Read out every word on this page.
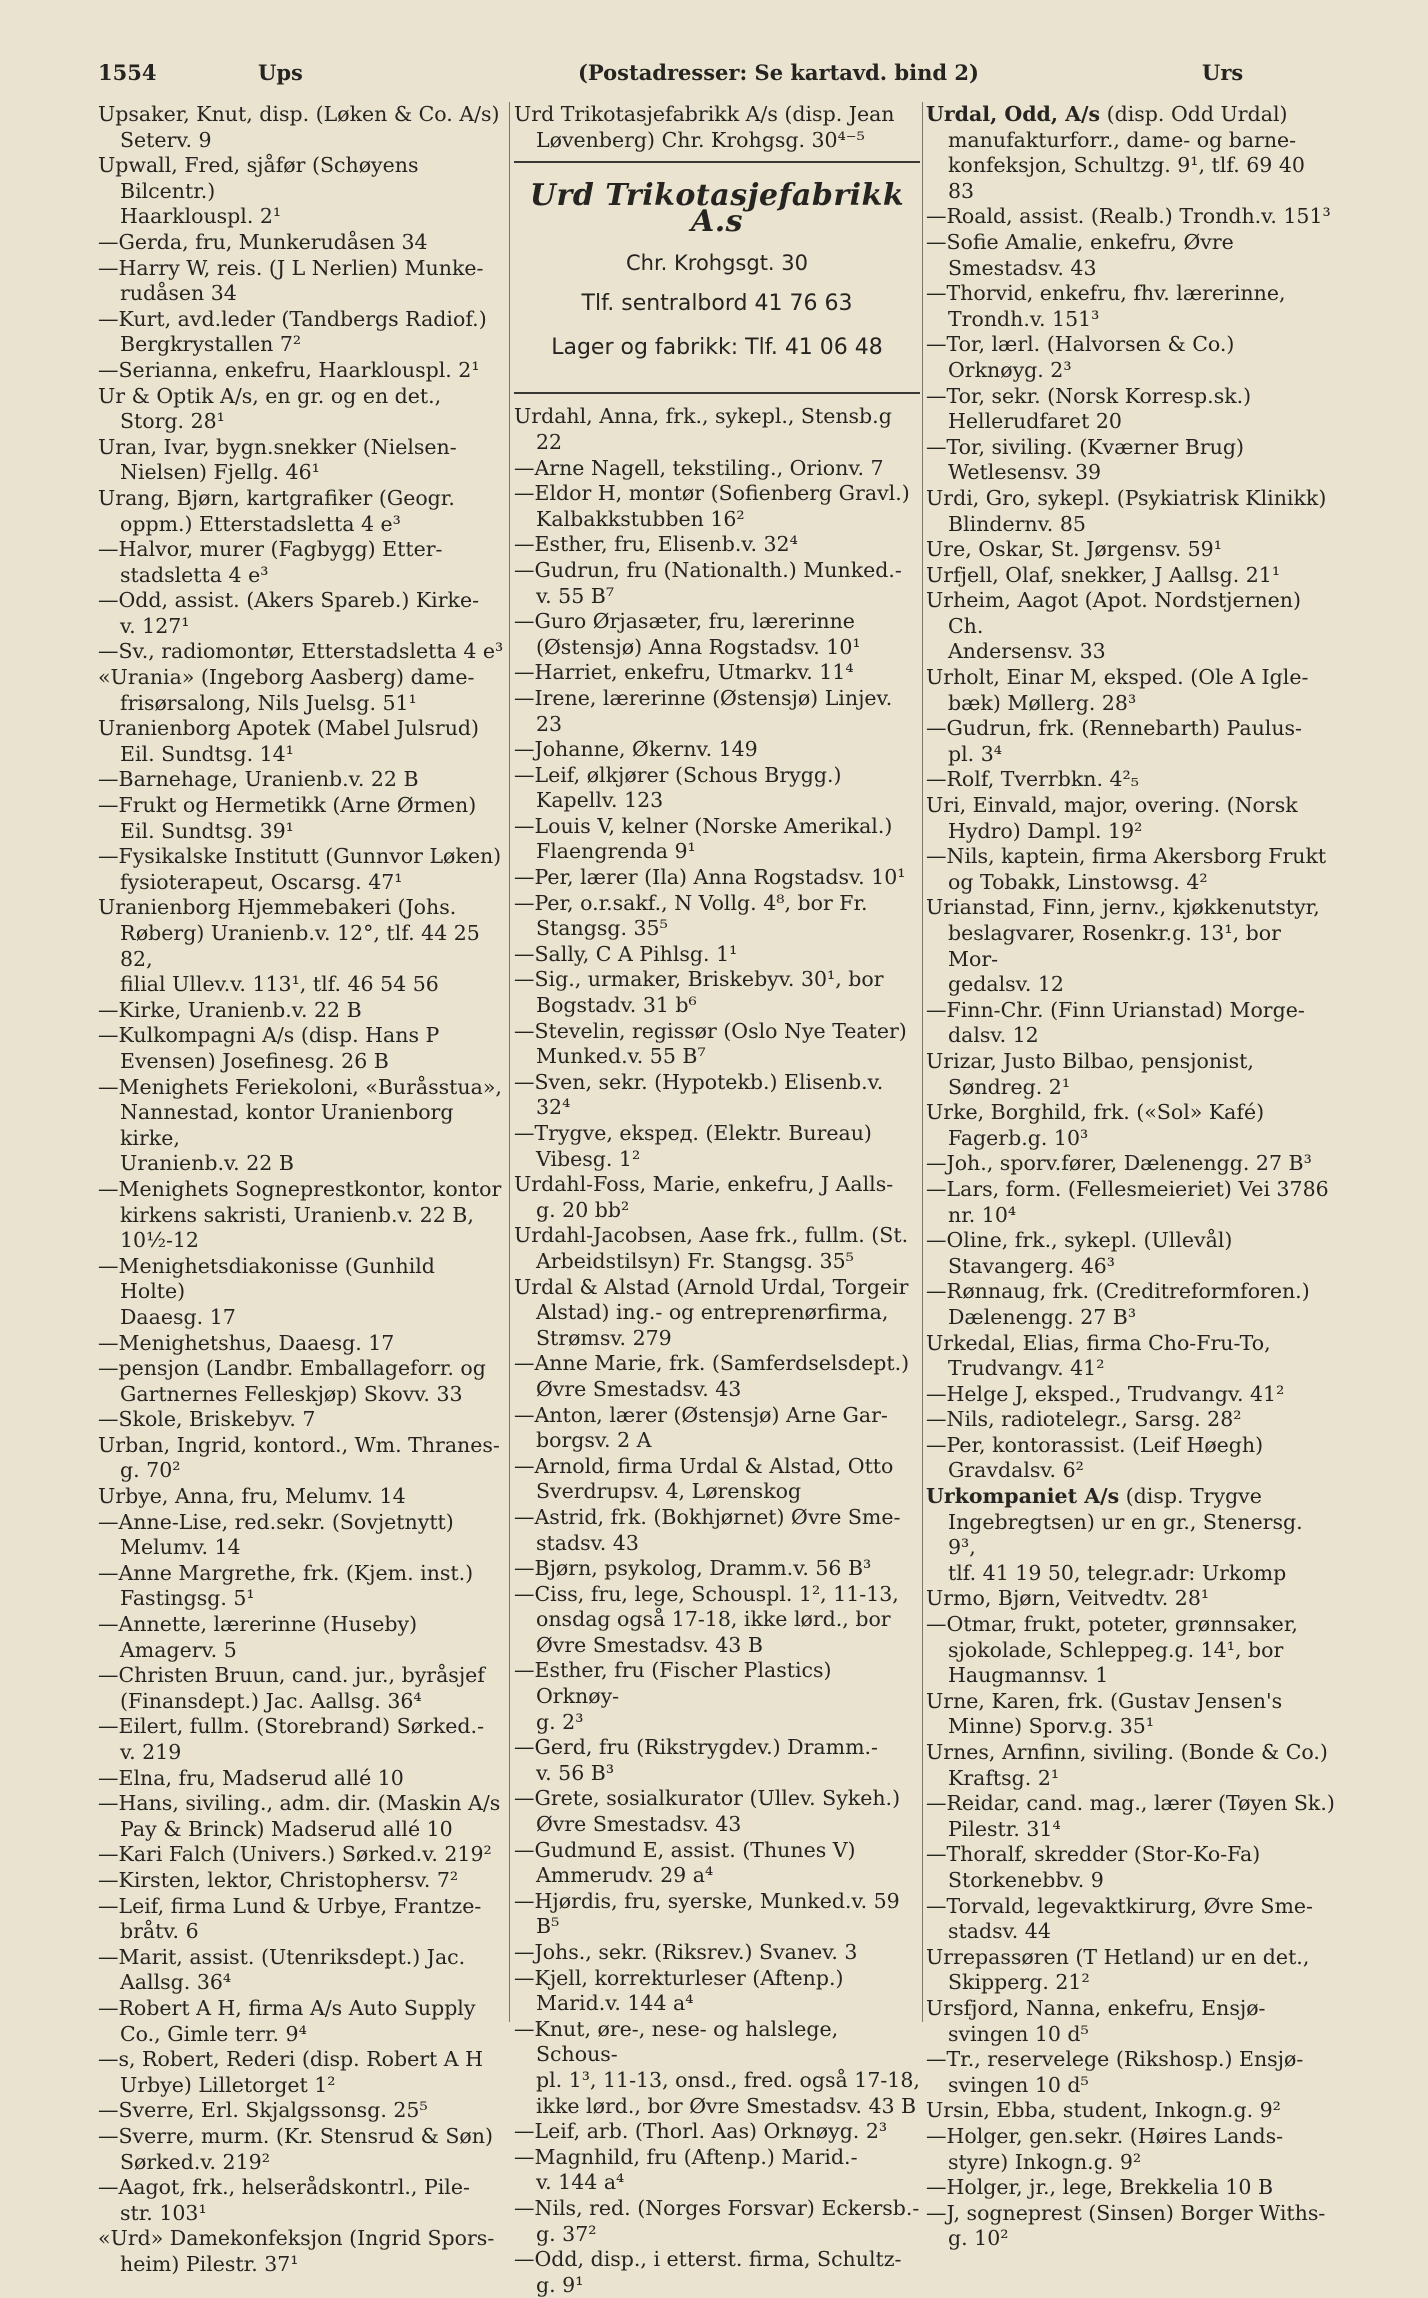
1554	Ups	(Postadresser: Se kartavd. bind 2)	Urs

Upsaker, Knut, disp. (Løken & Co. A/s)
Seterv. 9

Upwall, Fred, sjåfør (Schøyens Bilcentr.)
Haarklouspl. 2¹

—Gerda, fru, Munkerudåsen 34

—Harry W, reis. (J L Nerlien) Munke-
rudåsen 34

—Kurt, avd.leder (Tandbergs Radiof.)
Bergkrystallen 7²

—Serianna, enkefru, Haarklouspl. 2¹

Ur & Optik A/s, en gr. og en det.,
Storg. 28¹

Uran, Ivar, bygn.snekker (Nielsen-
Nielsen) Fjellg. 46¹

Urang, Bjørn, kartgrafiker (Geogr.
oppm.) Etterstadsletta 4 e³

—Halvor, murer (Fagbygg) Etter-
stadsletta 4 e³

—Odd, assist. (Akers Spareb.) Kirke-
v. 127¹

—Sv., radiomontør, Etterstadsletta 4 e³

«Urania» (Ingeborg Aasberg) dame-
frisørsalong, Nils Juelsg. 51¹

Uranienborg Apotek (Mabel Julsrud)
Eil. Sundtsg. 14¹

—Barnehage, Uranienb.v. 22 B

—Frukt og Hermetikk (Arne Ørmen)
Eil. Sundtsg. 39¹

—Fysikalske Institutt (Gunnvor Løken)
fysioterapeut, Oscarsg. 47¹

Uranienborg Hjemmebakeri (Johs.
Røberg) Uranienb.v. 12°, tlf. 44 25 82,
filial Ullev.v. 113¹, tlf. 46 54 56

—Kirke, Uranienb.v. 22 B

—Kulkompagni A/s (disp. Hans P
Evensen) Josefinesg. 26 B

—Menighets Feriekoloni, «Buråsstua»,
Nannestad, kontor Uranienborg kirke,
Uranienb.v. 22 B

—Menighets Sogneprestkontor, kontor
kirkens sakristi, Uranienb.v. 22 B,
10½-12

—Menighetsdiakonisse (Gunhild Holte)
Daaesg. 17

—Menighetshus, Daaesg. 17

—pensjon (Landbr. Emballageforr. og
Gartnernes Felleskjøp) Skovv. 33

—Skole, Briskebyv. 7

Urban, Ingrid, kontord., Wm. Thranes-
g. 70²

Urbye, Anna, fru, Melumv. 14

—Anne-Lise, red.sekr. (Sovjetnytt)
Melumv. 14

—Anne Margrethe, frk. (Kjem. inst.)
Fastingsg. 5¹

—Annette, lærerinne (Huseby)
Amagerv. 5

—Christen Bruun, cand. jur., byråsjef
(Finansdept.) Jac. Aallsg. 36⁴

—Eilert, fullm. (Storebrand) Sørked.-
v. 219

—Elna, fru, Madserud allé 10

—Hans, siviling., adm. dir. (Maskin A/s
Pay & Brinck) Madserud allé 10

—Kari Falch (Univers.) Sørked.v. 219²

—Kirsten, lektor, Christophersv. 7²

—Leif, firma Lund & Urbye, Frantze-
bråtv. 6

—Marit, assist. (Utenriksdept.) Jac.
Aallsg. 36⁴

—Robert A H, firma A/s Auto Supply
Co., Gimle terr. 9⁴

—s, Robert, Rederi (disp. Robert A H
Urbye) Lilletorget 1²

—Sverre, Erl. Skjalgssonsg. 25⁵

—Sverre, murm. (Kr. Stensrud & Søn)
Sørked.v. 219²

—Aagot, frk., helserådskontrl., Pile-
str. 103¹

«Urd» Damekonfeksjon (Ingrid Spors-
heim) Pilestr. 37¹

Urd Trikotasjefabrikk A/s (disp. Jean
Løvenberg) Chr. Krohgsg. 30⁴⁻⁵

Urd Trikotasjefabrikk A.s
Chr. Krohgsgt. 30
Tlf. sentralbord 41 76 63
Lager og fabrikk: Tlf. 41 06 48

Urdahl, Anna, frk., sykepl., Stensb.g 22

—Arne Nagell, tekstiling., Orionv. 7

—Eldor H, montør (Sofienberg Gravl.)
Kalbakkstubben 16²

—Esther, fru, Elisenb.v. 32⁴

—Gudrun, fru (Nationalth.) Munked.-
v. 55 B⁷

—Guro Ørjasæter, fru, lærerinne
(Østensjø) Anna Rogstadsv. 10¹

—Harriet, enkefru, Utmarkv. 11⁴

—Irene, lærerinne (Østensjø) Linjev. 23

—Johanne, Økernv. 149

—Leif, ølkjører (Schous Brygg.)
Kapellv. 123

—Louis V, kelner (Norske Amerikal.)
Flaengrenda 9¹

—Per, lærer (Ila) Anna Rogstadsv. 10¹

—Per, o.r.sakf., N Vollg. 4⁸, bor Fr.
Stangsg. 35⁵

—Sally, C A Pihlsg. 1¹

—Sig., urmaker, Briskebyv. 30¹, bor
Bogstadv. 31 b⁶

—Stevelin, regissør (Oslo Nye Teater)
Munked.v. 55 B⁷

—Sven, sekr. (Hypotekb.) Elisenb.v. 32⁴

—Trygve, ekspeд. (Elektr. Bureau)
Vibesg. 1²

Urdahl-Foss, Marie, enkefru, J Aalls-
g. 20 bb²

Urdahl-Jacobsen, Aase frk., fullm. (St.
Arbeidstilsyn) Fr. Stangsg. 35⁵

Urdal & Alstad (Arnold Urdal, Torgeir
Alstad) ing.- og entreprenørfirma,
Strømsv. 279

—Anne Marie, frk. (Samferdselsdept.)
Øvre Smestadsv. 43

—Anton, lærer (Østensjø) Arne Gar-
borgsv. 2 A

—Arnold, firma Urdal & Alstad, Otto
Sverdrupsv. 4, Lørenskog

—Astrid, frk. (Bokhjørnet) Øvre Sme-
stadsv. 43

—Bjørn, psykolog, Dramm.v. 56 B³

—Ciss, fru, lege, Schouspl. 1², 11-13,
onsdag også 17-18, ikke lørd., bor
Øvre Smestadsv. 43 B

—Esther, fru (Fischer Plastics) Orknøy-
g. 2³

—Gerd, fru (Rikstrygdev.) Dramm.-
v. 56 B³

—Grete, sosialkurator (Ullev. Sykeh.)
Øvre Smestadsv. 43

—Gudmund E, assist. (Thunes V)
Ammerudv. 29 a⁴

—Hjørdis, fru, syerske, Munked.v. 59 B⁵

—Johs., sekr. (Riksrev.) Svanev. 3

—Kjell, korrekturleser (Aftenp.)
Marid.v. 144 a⁴

—Knut, øre-, nese- og halslege, Schous-
pl. 1³, 11-13, onsd., fred. også 17-18,
ikke lørd., bor Øvre Smestadsv. 43 B

—Leif, arb. (Thorl. Aas) Orknøyg. 2³

—Magnhild, fru (Aftenp.) Marid.-
v. 144 a⁴

—Nils, red. (Norges Forsvar) Eckersb.-
g. 37²

—Odd, disp., i etterst. firma, Schultz-
g. 9¹

Urdal, Odd, A/s (disp. Odd Urdal)
manufakturforr., dame- og barne-
konfeksjon, Schultzg. 9¹, tlf. 69 40 83

—Roald, assist. (Realb.) Trondh.v. 151³

—Sofie Amalie, enkefru, Øvre
Smestadsv. 43

—Thorvid, enkefru, fhv. lærerinne,
Trondh.v. 151³

—Tor, lærl. (Halvorsen & Co.)
Orknøyg. 2³

—Tor, sekr. (Norsk Korresp.sk.)
Hellerudfaret 20

—Tor, siviling. (Kværner Brug)
Wetlesensv. 39

Urdi, Gro, sykepl. (Psykiatrisk Klinikk)
Blindernv. 85

Ure, Oskar, St. Jørgensv. 59¹

Urfjell, Olaf, snekker, J Aallsg. 21¹

Urheim, Aagot (Apot. Nordstjernen) Ch.
Andersensv. 33

Urholt, Einar M, eksped. (Ole A Igle-
bæk) Møllerg. 28³

—Gudrun, frk. (Rennebarth) Paulus-
pl. 3⁴

—Rolf, Tverrbkn. 4²₅

Uri, Einvald, major, overing. (Norsk
Hydro) Dampl. 19²

—Nils, kaptein, firma Akersborg Frukt
og Tobakk, Linstowsg. 4²

Urianstad, Finn, jernv., kjøkkenutstyr,
beslagvarer, Rosenkr.g. 13¹, bor Mor-
gedalsv. 12

—Finn-Chr. (Finn Urianstad) Morge-
dalsv. 12

Urizar, Justo Bilbao, pensjonist,
Søndreg. 2¹

Urke, Borghild, frk. («Sol» Kafé)
Fagerb.g. 10³

—Joh., sporv.fører, Dælenengg. 27 B³

—Lars, form. (Fellesmeieriet) Vei 3786
nr. 10⁴

—Oline, frk., sykepl. (Ullevål)
Stavangerg. 46³

—Rønnaug, frk. (Creditreformforen.)
Dælenengg. 27 B³

Urkedal, Elias, firma Cho-Fru-To,
Trudvangv. 41²

—Helge J, eksped., Trudvangv. 41²

—Nils, radiotelegr., Sarsg. 28²

—Per, kontorassist. (Leif Høegh)
Gravdalsv. 6²

Urkompaniet A/s (disp. Trygve
Ingebregtsen) ur en gr., Stenersg. 9³,
tlf. 41 19 50, telegr.adr: Urkomp

Urmo, Bjørn, Veitvedtv. 28¹

—Otmar, frukt, poteter, grønnsaker,
sjokolade, Schleppeg.g. 14¹, bor
Haugmannsv. 1

Urne, Karen, frk. (Gustav Jensen's
Minne) Sporv.g. 35¹

Urnes, Arnfinn, siviling. (Bonde & Co.)
Kraftsg. 2¹

—Reidar, cand. mag., lærer (Tøyen Sk.)
Pilestr. 31⁴

—Thoralf, skredder (Stor-Ko-Fa)
Storkenebbv. 9

—Torvald, legevaktkirurg, Øvre Sme-
stadsv. 44

Urrepassøren (T Hetland) ur en det.,
Skipperg. 21²

Ursfjord, Nanna, enkefru, Ensjø-
svingen 10 d⁵

—Tr., reservelege (Rikshosp.) Ensjø-
svingen 10 d⁵

Ursin, Ebba, student, Inkogn.g. 9²

—Holger, gen.sekr. (Høires Lands-
styre) Inkogn.g. 9²

—Holger, jr., lege, Brekkelia 10 B

—J, sogneprest (Sinsen) Borger Withs-
g. 10²
